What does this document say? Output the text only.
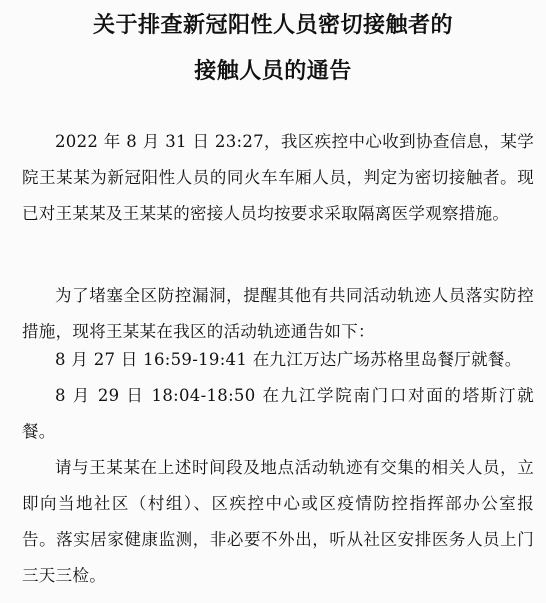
关于排查新冠阳性人员密切接触者的
接触人员的通告

2022 年 8 月 31 日 23:27，我区疾控中心收到协查信息，某学院王某某为新冠阳性人员的同火车车厢人员，判定为密切接触者。现已对王某某及王某某的密接人员均按要求采取隔离医学观察措施。

为了堵塞全区防控漏洞，提醒其他有共同活动轨迹人员落实防控措施，现将王某某在我区的活动轨迹通告如下：

8 月 27 日 16:59-19:41 在九江万达广场苏格里岛餐厅就餐。

8 月 29 日 18:04-18:50 在九江学院南门口对面的塔斯汀就餐。

请与王某某在上述时间段及地点活动轨迹有交集的相关人员，立即向当地社区（村组）、区疾控中心或区疫情防控指挥部办公室报告。落实居家健康监测，非必要不外出，听从社区安排医务人员上门三天三检。
